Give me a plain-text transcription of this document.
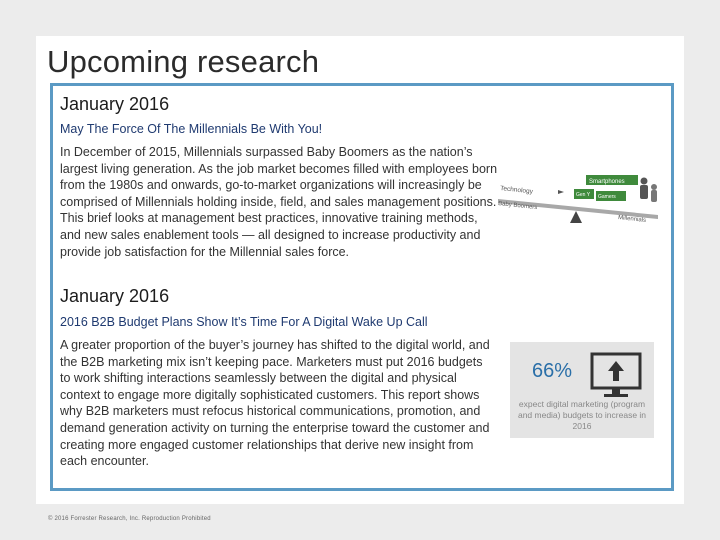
Upcoming research
January 2016
May The Force Of The Millennials Be With You!

In December of 2015, Millennials surpassed Baby Boomers as the nation’s largest living generation. As the job market becomes filled with employees born from the 1980s and onwards, go-to-market organizations will increasingly be comprised of Millennials holding inside, field, and sales management positions. This brief looks at management best practices, innovative training methods, and new sales enablement tools — all designed to increase productivity and provide job satisfaction for the Millennial sales force.

Smartphones
Gen Y Gamers
Technology
Baby Boomers
Millennials
January 2016
2016 B2B Budget Plans Show It’s Time For A Digital Wake Up Call

A greater proportion of the buyer’s journey has shifted to the digital world, and the B2B marketing mix isn’t keeping pace. Marketers must put 2016 budgets to work shifting interactions seamlessly between the digital and physical context to engage more digitally sophisticated customers. This report shows why B2B marketers must refocus historical communications, promotion, and demand generation activity on turning the enterprise toward the customer and creating more engaged customer relationships that derive new insight from each encounter.

66%
expect digital marketing (program and media) budgets to increase in 2016
© 2016 Forrester Research, Inc. Reproduction Prohibited
